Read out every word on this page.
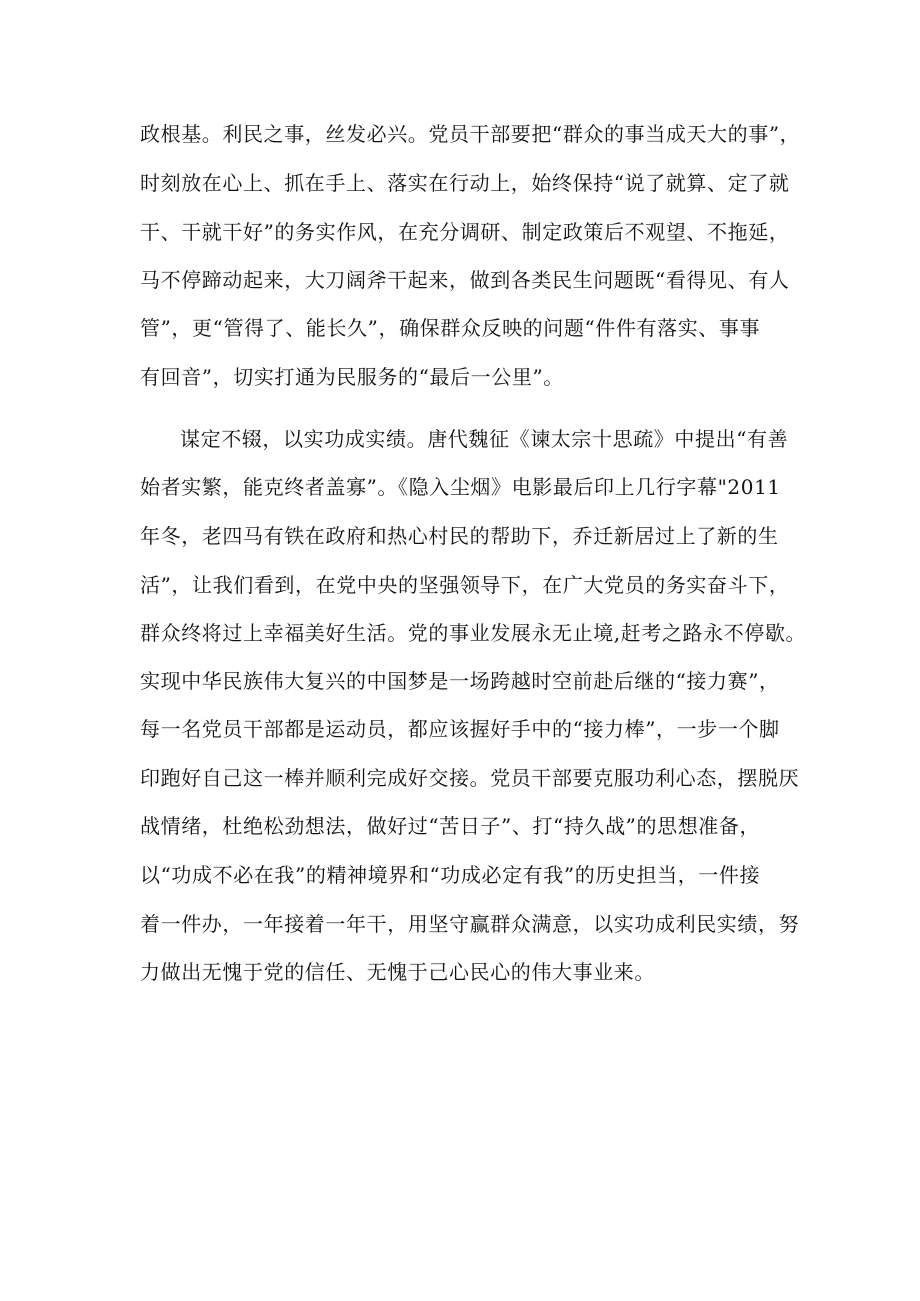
政根基。利民之事，丝发必兴。党员干部要把“群众的事当成天大的事”，
时刻放在心上、抓在手上、落实在行动上，始终保持“说了就算、定了就
干、干就干好”的务实作风，在充分调研、制定政策后不观望、不拖延，
马不停蹄动起来，大刀阔斧干起来，做到各类民生问题既“看得见、有人
管”，更“管得了、能长久”，确保群众反映的问题“件件有落实、事事
有回音”，切实打通为民服务的“最后一公里”。
谋定不辍，以实功成实绩。唐代魏征《谏太宗十思疏》中提出“有善
始者实繁，能克终者盖寡”。《隐入尘烟》电影最后印上几行字幕"2011
年冬，老四马有铁在政府和热心村民的帮助下，乔迁新居过上了新的生
活”，让我们看到，在党中央的坚强领导下，在广大党员的务实奋斗下，
群众终将过上幸福美好生活。党的事业发展永无止境,赶考之路永不停歇。
实现中华民族伟大复兴的中国梦是一场跨越时空前赴后继的“接力赛”，
每一名党员干部都是运动员，都应该握好手中的“接力棒”，一步一个脚
印跑好自己这一棒并顺利完成好交接。党员干部要克服功利心态，摆脱厌
战情绪，杜绝松劲想法，做好过“苦日子”、打“持久战”的思想准备，
以“功成不必在我”的精神境界和“功成必定有我”的历史担当，一件接
着一件办，一年接着一年干，用坚守赢群众满意，以实功成利民实绩，努
力做出无愧于党的信任、无愧于己心民心的伟大事业来。
